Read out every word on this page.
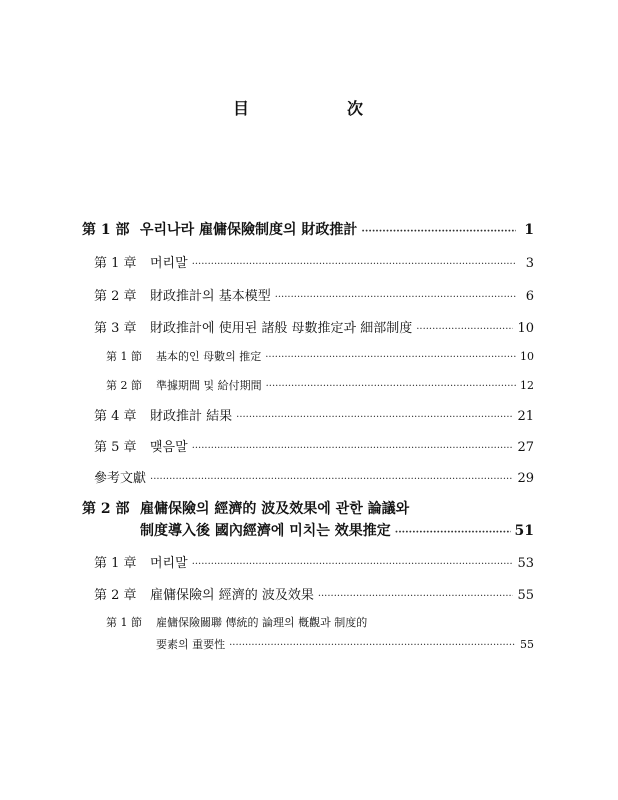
目　　次
第 1 部 우리나라 雇傭保險制度의 財政推計 ·····	1
第 1 章	머리말 ·····	3
第 2 章	財政推計의 基本模型 ·····	6
第 3 章	財政推計에 使用된 諸般 母數推定과 細部制度 ·····	10
第 1 節	基本的인 母數의 推定 ·····	10
第 2 節	準據期間 및 給付期間 ·····	12
第 4 章	財政推計 結果 ·····	21
第 5 章	맺음말 ·····	27
參考文獻 ·····	29
第 2 部 雇傭保險의 經濟的 波及效果에 관한 論議와
制度導入後 國內經濟에 미치는 效果推定 ·····	51
第 1 章	머리말 ·····	53
第 2 章	雇傭保險의 經濟的 波及效果 ·····	55
第 1 節 雇傭保險關聯 傳統的 論理의 槪觀과 制度的
要素의 重要性 ·····	55
